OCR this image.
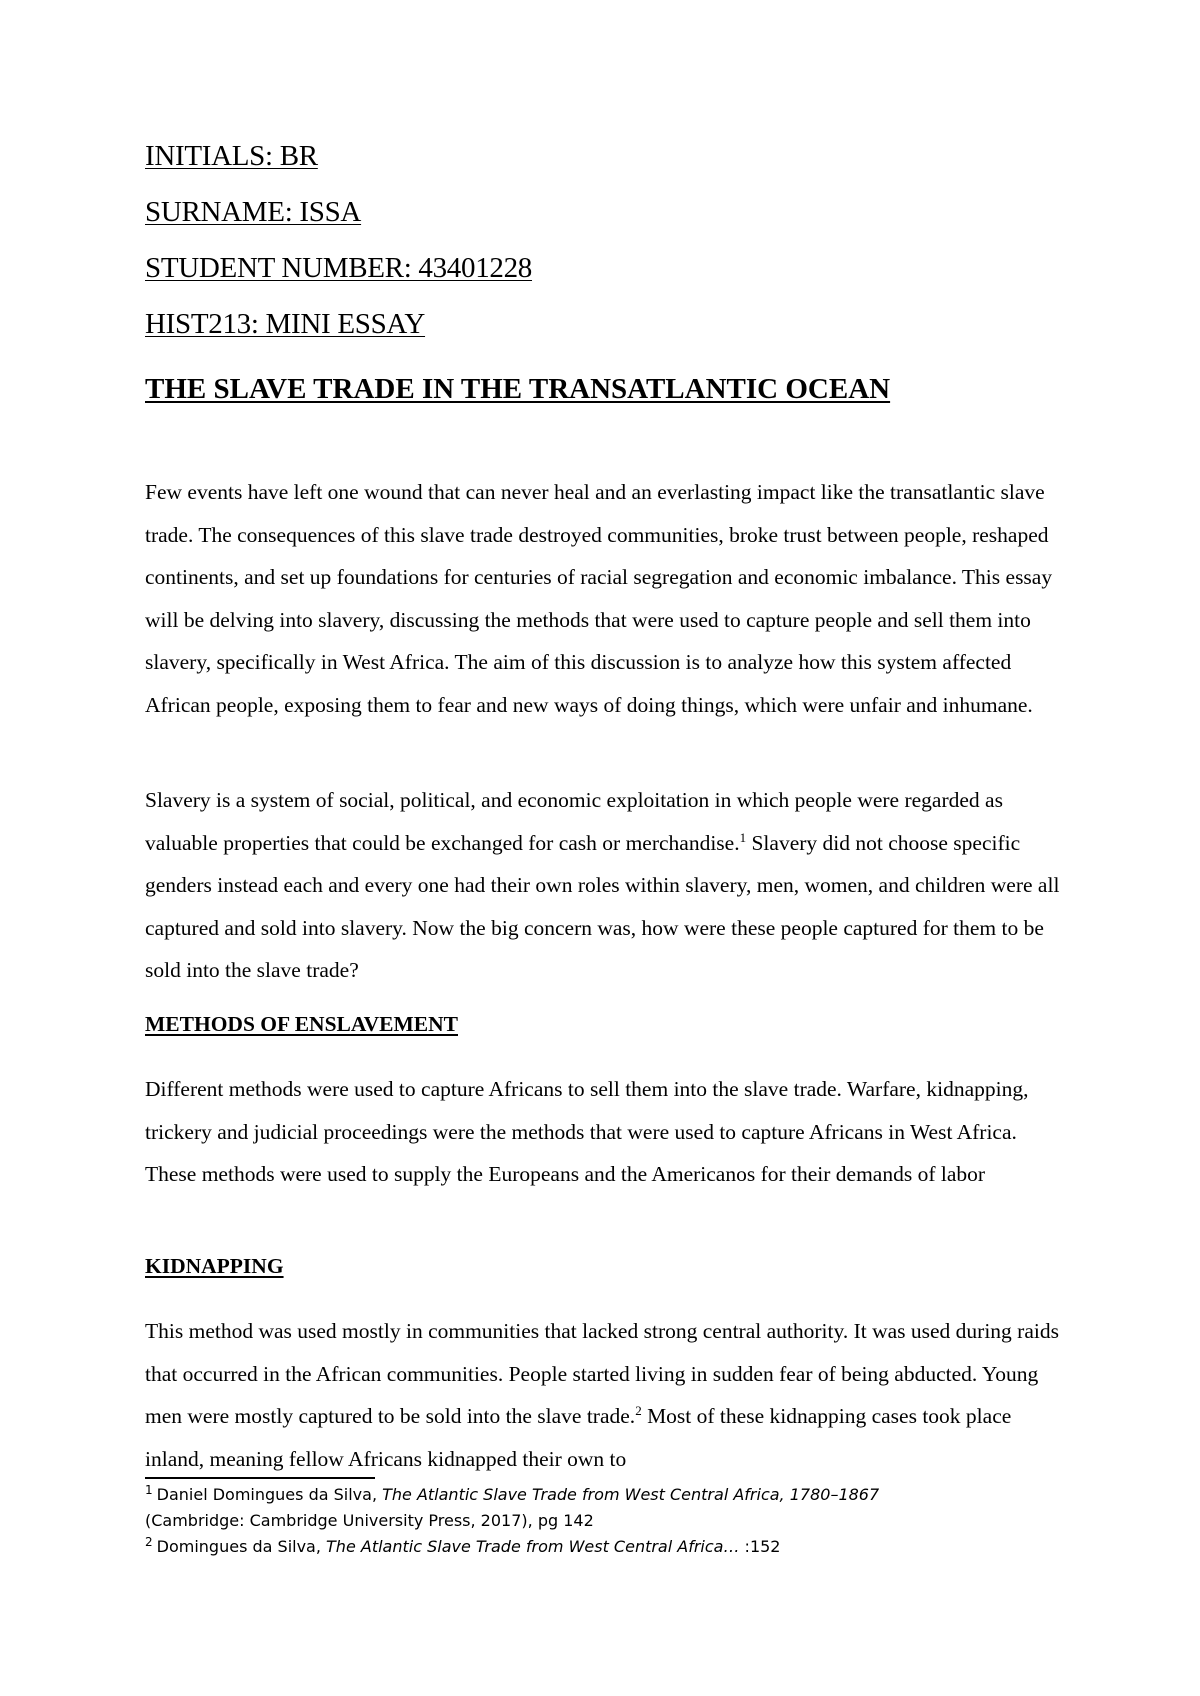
INITIALS: BR
SURNAME: ISSA
STUDENT NUMBER: 43401228
HIST213: MINI ESSAY
THE SLAVE TRADE IN THE TRANSATLANTIC OCEAN

Few events have left one wound that can never heal and an everlasting impact like the transatlantic slave trade. The consequences of this slave trade destroyed communities, broke trust between people, reshaped continents, and set up foundations for centuries of racial segregation and economic imbalance. This essay will be delving into slavery, discussing the methods that were used to capture people and sell them into slavery, specifically in West Africa. The aim of this discussion is to analyze how this system affected African people, exposing them to fear and new ways of doing things, which were unfair and inhumane.

Slavery is a system of social, political, and economic exploitation in which people were regarded as valuable properties that could be exchanged for cash or merchandise.$^1$ Slavery did not choose specific genders instead each and every one had their own roles within slavery, men, women, and children were all captured and sold into slavery. Now the big concern was, how were these people captured for them to be sold into the slave trade?

METHODS OF ENSLAVEMENT

Different methods were used to capture Africans to sell them into the slave trade. Warfare, kidnapping, trickery and judicial proceedings were the methods that were used to capture Africans in West Africa. These methods were used to supply the Europeans and the Americanos for their demands of labor

KIDNAPPING

This method was used mostly in communities that lacked strong central authority. It was used during raids that occurred in the African communities. People started living in sudden fear of being abducted. Young men were mostly captured to be sold into the slave trade.$^2$ Most of these kidnapping cases took place inland, meaning fellow Africans kidnapped their own to

$^1$ Daniel Domingues da Silva, The Atlantic Slave Trade from West Central Africa, 1780–1867
(Cambridge: Cambridge University Press, 2017), pg 142

$^2$ Domingues da Silva, The Atlantic Slave Trade from West Central Africa… :152
